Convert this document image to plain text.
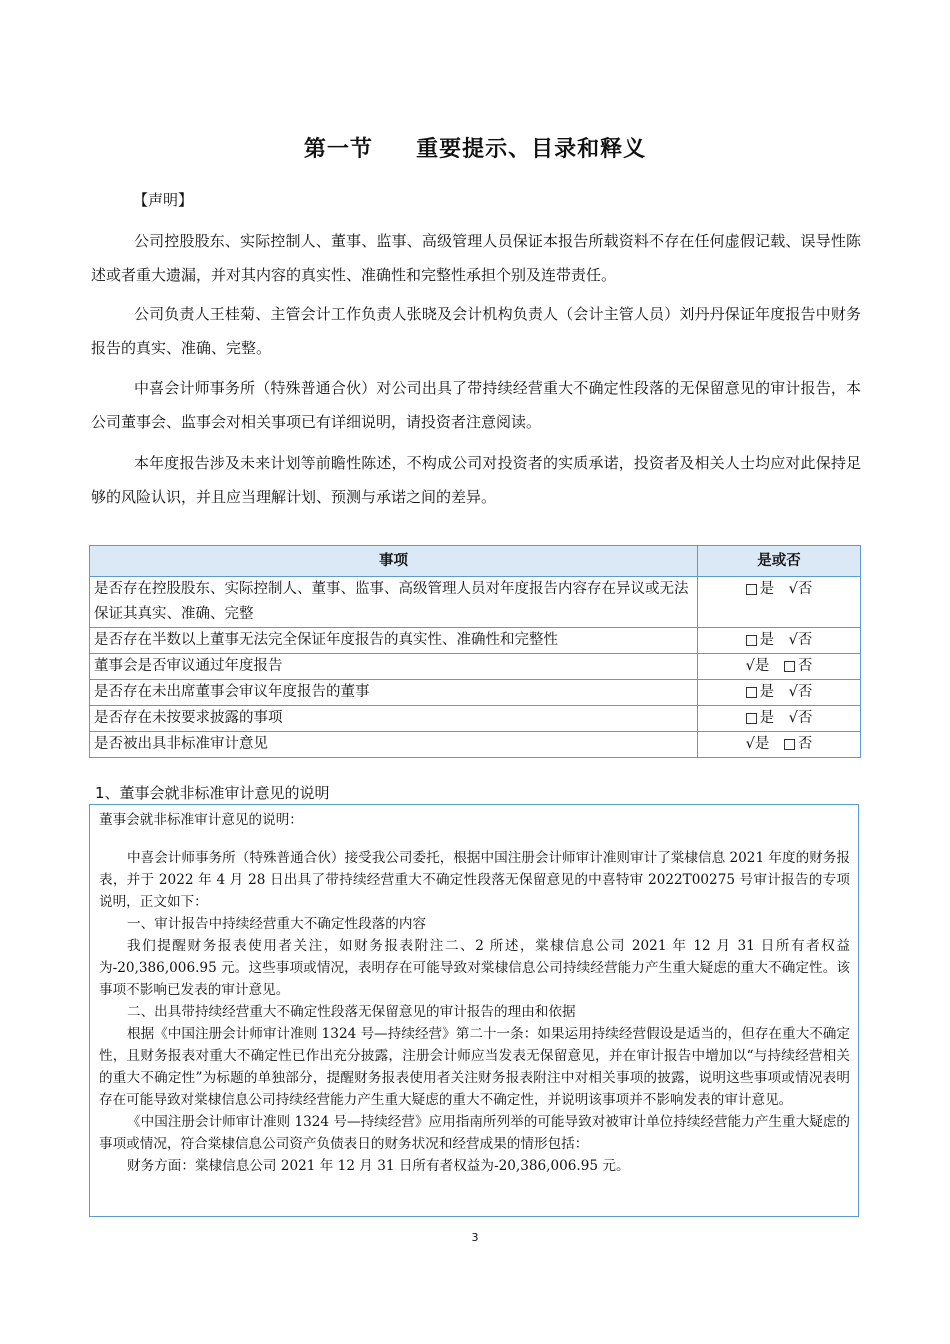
第一节     重要提示、目录和释义
【声明】
公司控股股东、实际控制人、董事、监事、高级管理人员保证本报告所载资料不存在任何虚假记载、误导性陈述或者重大遗漏，并对其内容的真实性、准确性和完整性承担个别及连带责任。
公司负责人王桂菊、主管会计工作负责人张晓及会计机构负责人（会计主管人员）刘丹丹保证年度报告中财务报告的真实、准确、完整。
中喜会计师事务所（特殊普通合伙）对公司出具了带持续经营重大不确定性段落的无保留意见的审计报告，本公司董事会、监事会对相关事项已有详细说明，请投资者注意阅读。
本年度报告涉及未来计划等前瞻性陈述，不构成公司对投资者的实质承诺，投资者及相关人士均应对此保持足够的风险认识，并且应当理解计划、预测与承诺之间的差异。
事项	是或否
是否存在控股股东、实际控制人、董事、监事、高级管理人员对年度报告内容存在异议或无法保证其真实、准确、完整	是 √否
是否存在半数以上董事无法完全保证年度报告的真实性、准确性和完整性	是 √否
董事会是否审议通过年度报告	√是 否
是否存在未出席董事会审议年度报告的董事	是 √否
是否存在未按要求披露的事项	是 √否
是否被出具非标准审计意见	√是 否
1、董事会就非标准审计意见的说明

董事会就非标准审计意见的说明：

中喜会计师事务所（特殊普通合伙）接受我公司委托，根据中国注册会计师审计准则审计了棠棣信息 2021 年度的财务报表，并于 2022 年 4 月 28 日出具了带持续经营重大不确定性段落无保留意见的中喜特审 2022T00275 号审计报告的专项说明，正文如下：

一、审计报告中持续经营重大不确定性段落的内容

我们提醒财务报表使用者关注，如财务报表附注二、2 所述，棠棣信息公司 2021 年 12 月 31 日所有者权益为-20,386,006.95 元。这些事项或情况，表明存在可能导致对棠棣信息公司持续经营能力产生重大疑虑的重大不确定性。该事项不影响已发表的审计意见。

二、出具带持续经营重大不确定性段落无保留意见的审计报告的理由和依据

根据《中国注册会计师审计准则 1324 号—持续经营》第二十一条：如果运用持续经营假设是适当的，但存在重大不确定性，且财务报表对重大不确定性已作出充分披露，注册会计师应当发表无保留意见，并在审计报告中增加以“与持续经营相关的重大不确定性”为标题的单独部分，提醒财务报表使用者关注财务报表附注中对相关事项的披露，说明这些事项或情况表明存在可能导致对棠棣信息公司持续经营能力产生重大疑虑的重大不确定性，并说明该事项并不影响发表的审计意见。

《中国注册会计师审计准则 1324 号—持续经营》应用指南所列举的可能导致对被审计单位持续经营能力产生重大疑虑的事项或情况，符合棠棣信息公司资产负债表日的财务状况和经营成果的情形包括：

财务方面：棠棣信息公司 2021 年 12 月 31 日所有者权益为-20,386,006.95 元。

3
